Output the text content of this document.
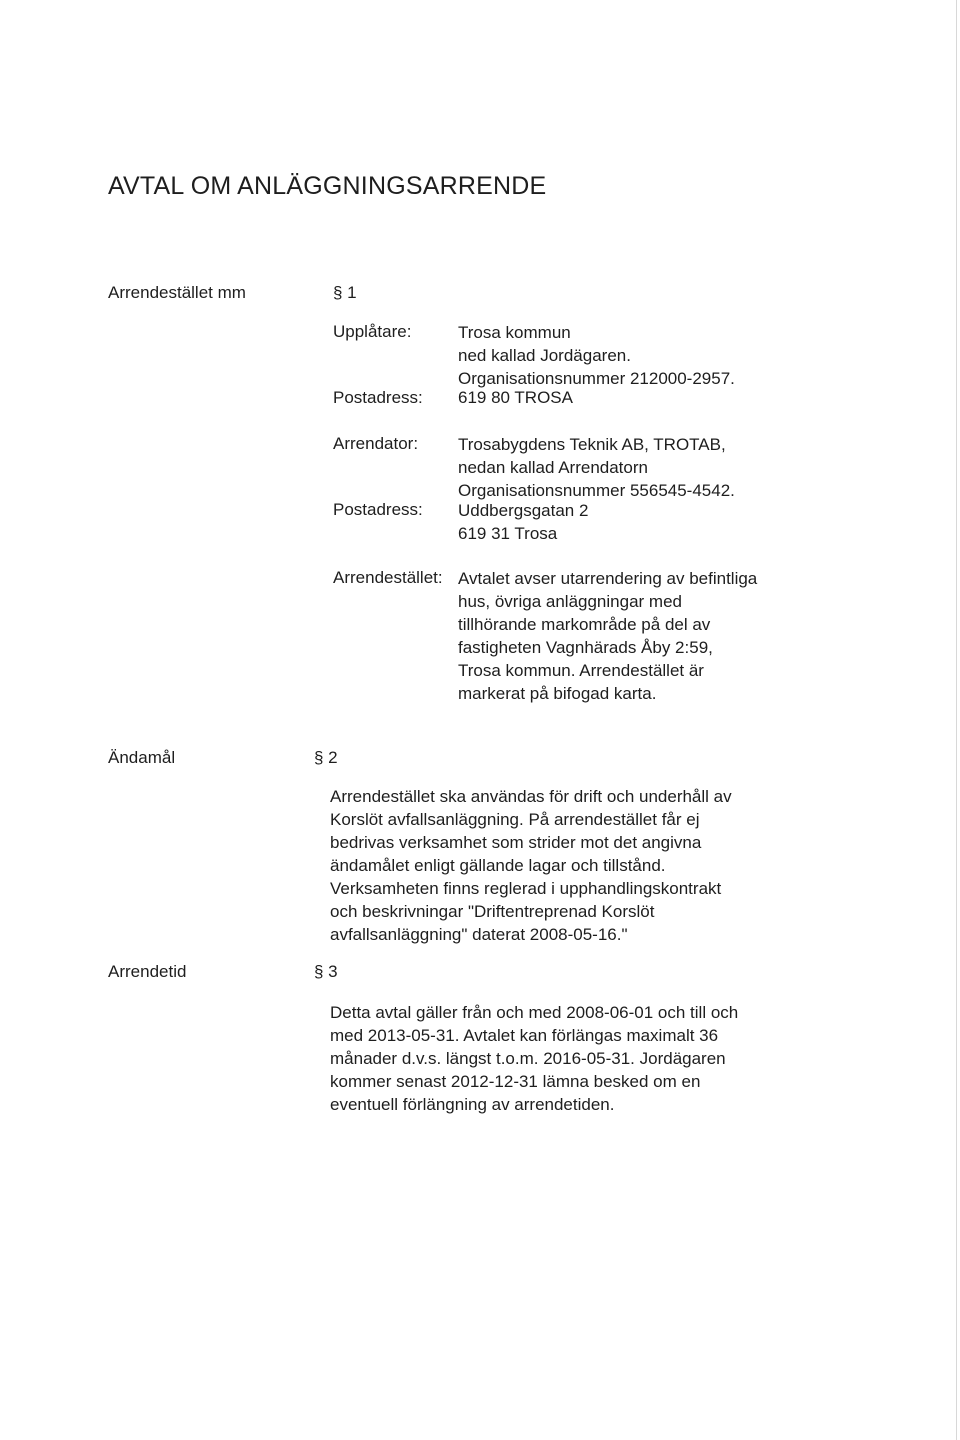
AVTAL OM ANLÄGGNINGSARRENDE
Arrendestället mm	§ 1
Upplåtare:	Trosa kommun
ned kallad Jordägaren.
Organisationsnummer 212000-2957.
Postadress: 619 80 TROSA
Arrendator: Trosabygdens Teknik AB, TROTAB,
nedan kallad Arrendatorn
Organisationsnummer 556545-4542.
Postadress: Uddbergsgatan 2
619 31 Trosa
Arrendestället: Avtalet avser utarrendering av befintliga
hus, övriga anläggningar med
tillhörande markområde på del av
fastigheten Vagnhärads Åby 2:59,
Trosa kommun. Arrendestället är
markerat på bifogad karta.
Ändamål	§ 2
Arrendestället ska användas för drift och underhåll av
Korslöt avfallsanläggning. På arrendestället får ej
bedrivas verksamhet som strider mot det angivna
ändamålet enligt gällande lagar och tillstånd.
Verksamheten finns reglerad i upphandlingskontrakt
och beskrivningar "Driftentreprenad Korslöt
avfallsanläggning" daterat 2008-05-16."
Arrendetid	§ 3
Detta avtal gäller från och med 2008-06-01 och till och
med 2013-05-31. Avtalet kan förlängas maximalt 36
månader d.v.s. längst t.o.m. 2016-05-31. Jordägaren
kommer senast 2012-12-31 lämna besked om en
eventuell förlängning av arrendetiden.
